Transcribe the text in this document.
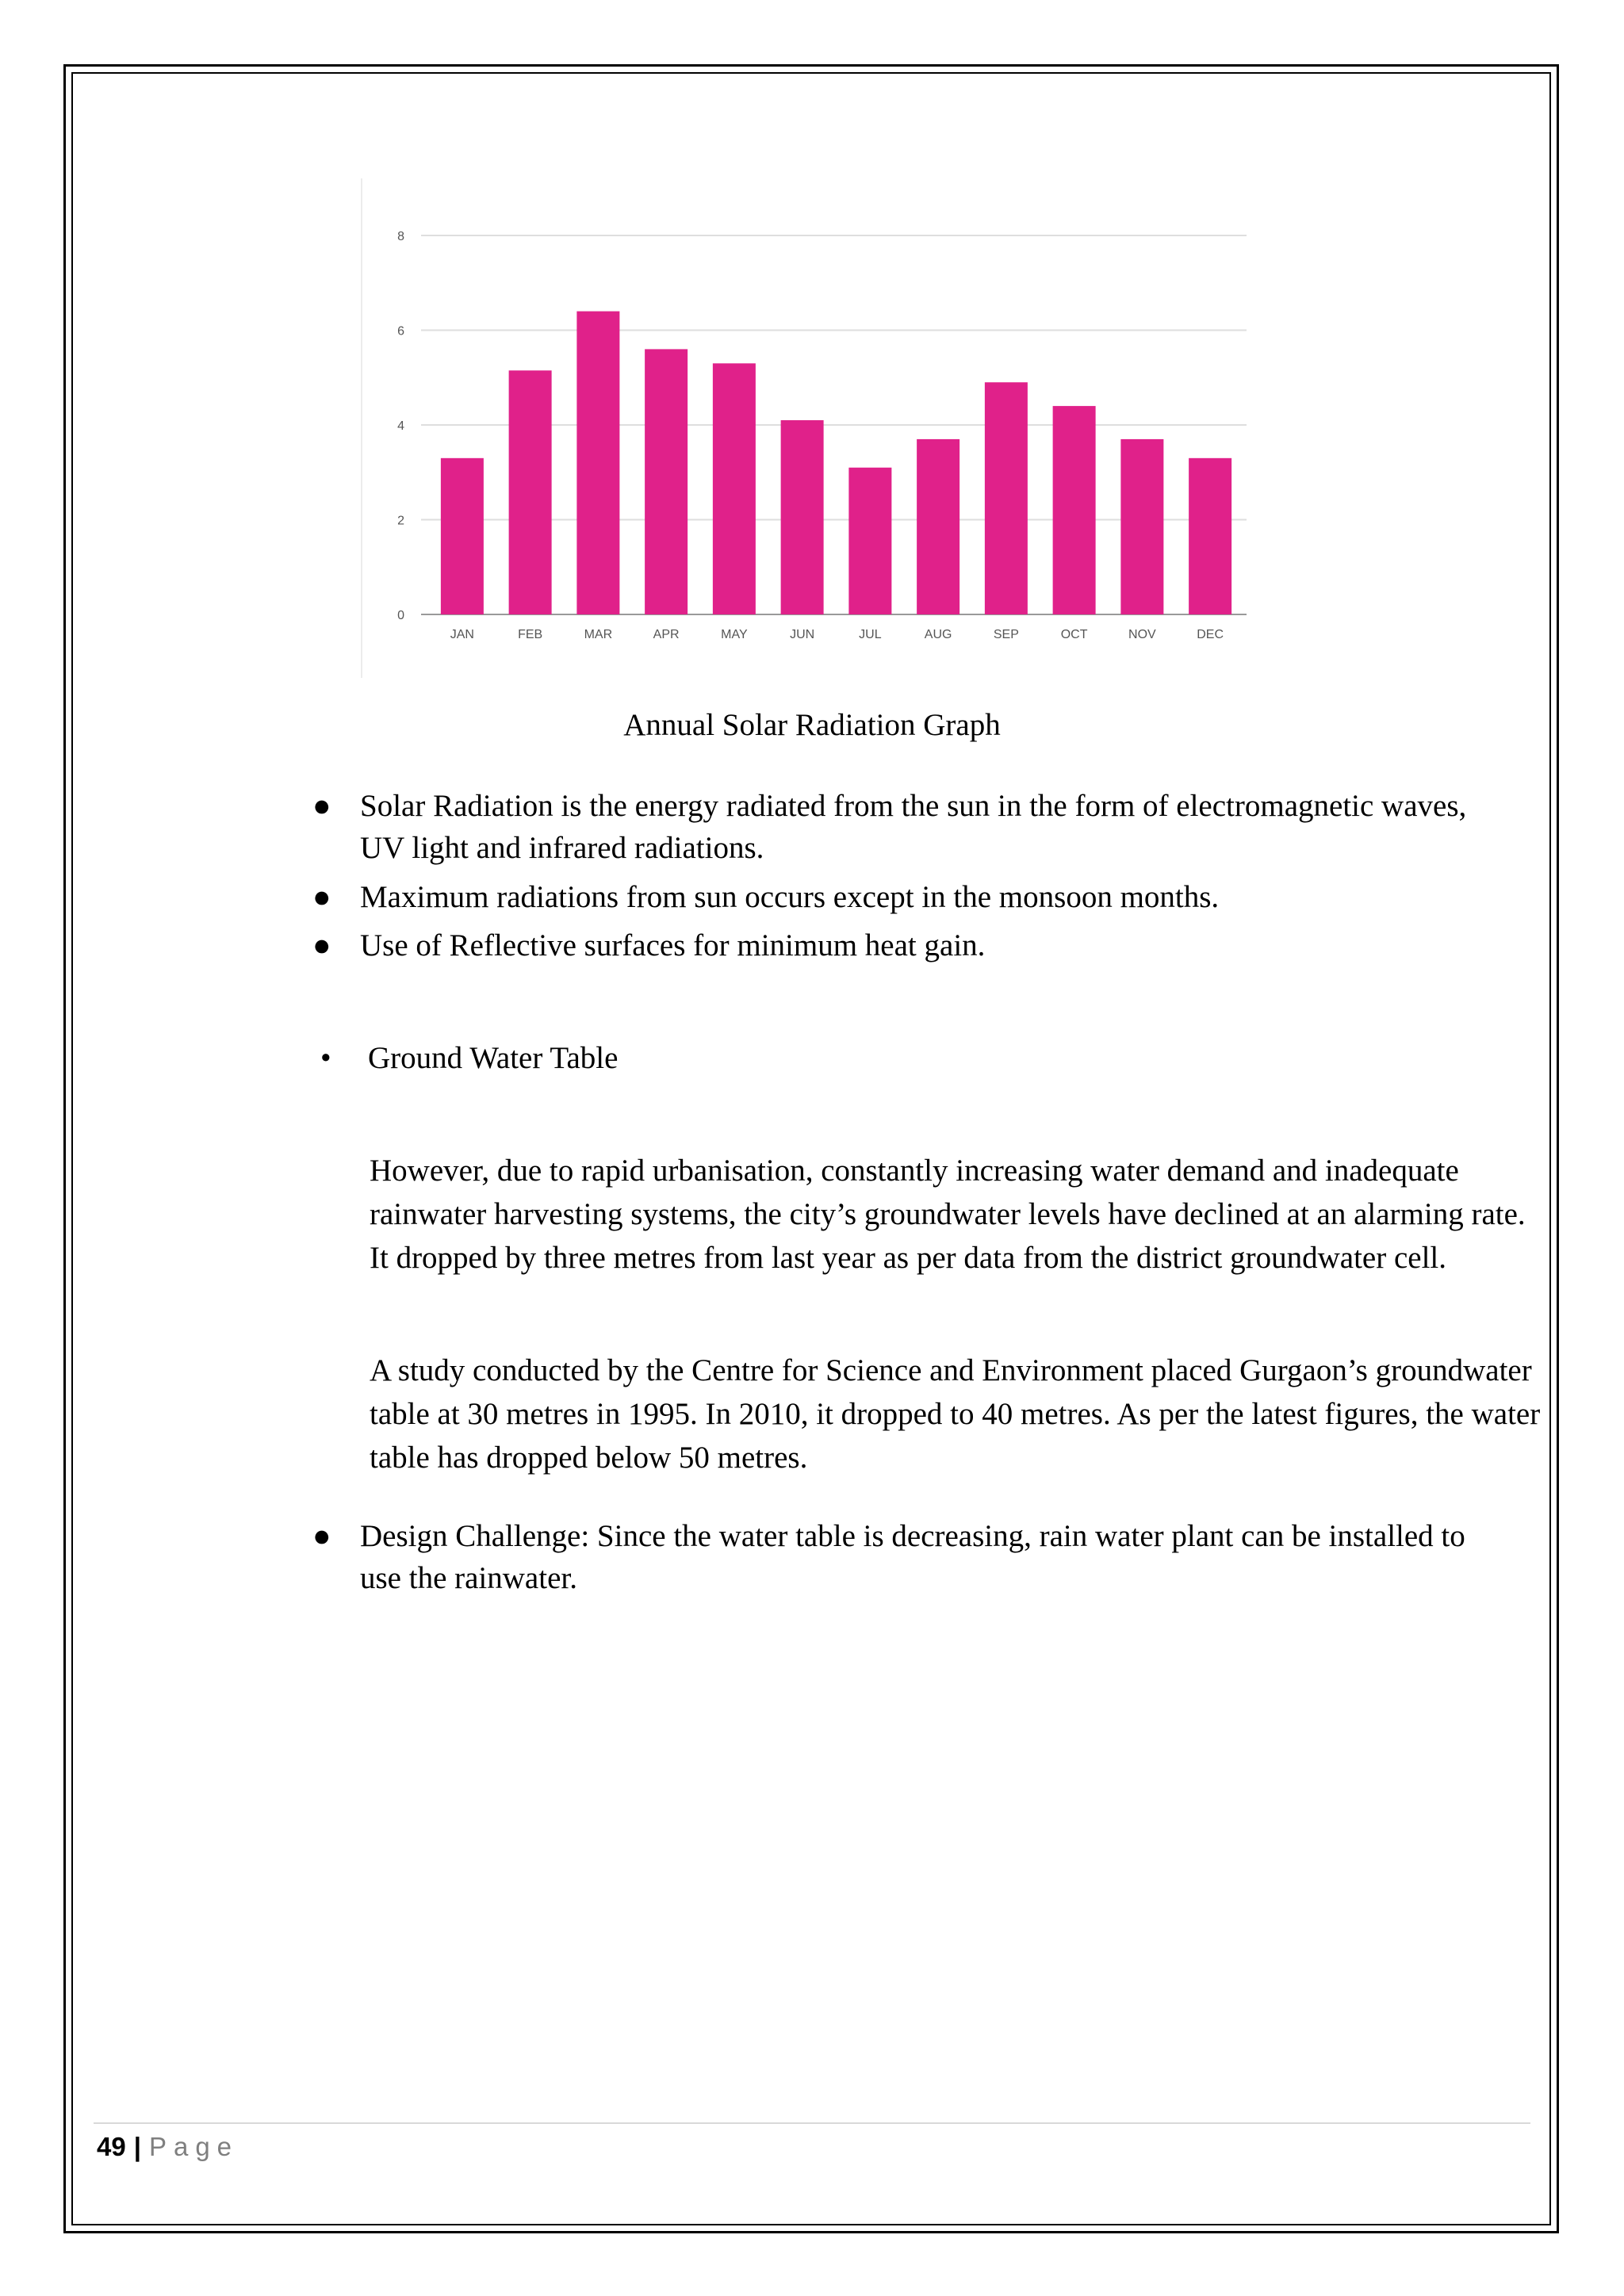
0
2
4
6
8
JAN	FEB	MAR	APR	MAY	JUN	JUL	AUG	SEP	OCT	NOV	DEC
Annual Solar Radiation Graph
● Solar Radiation is the energy radiated from the sun in the form of electromagnetic waves, UV light and infrared radiations.
● Maximum radiations from sun occurs except in the monsoon months.
● Use of Reflective surfaces for minimum heat gain.
•	Ground Water Table
However, due to rapid urbanisation, constantly increasing water demand and inadequate rainwater harvesting systems, the city’s groundwater levels have declined at an alarming rate. It dropped by three metres from last year as per data from the district groundwater cell.
A study conducted by the Centre for Science and Environment placed Gurgaon’s groundwater table at 30 metres in 1995. In 2010, it dropped to 40 metres. As per the latest figures, the water table has dropped below 50 metres.
● Design Challenge: Since the water table is decreasing, rain water plant can be installed to use the rainwater.
49 | Page
